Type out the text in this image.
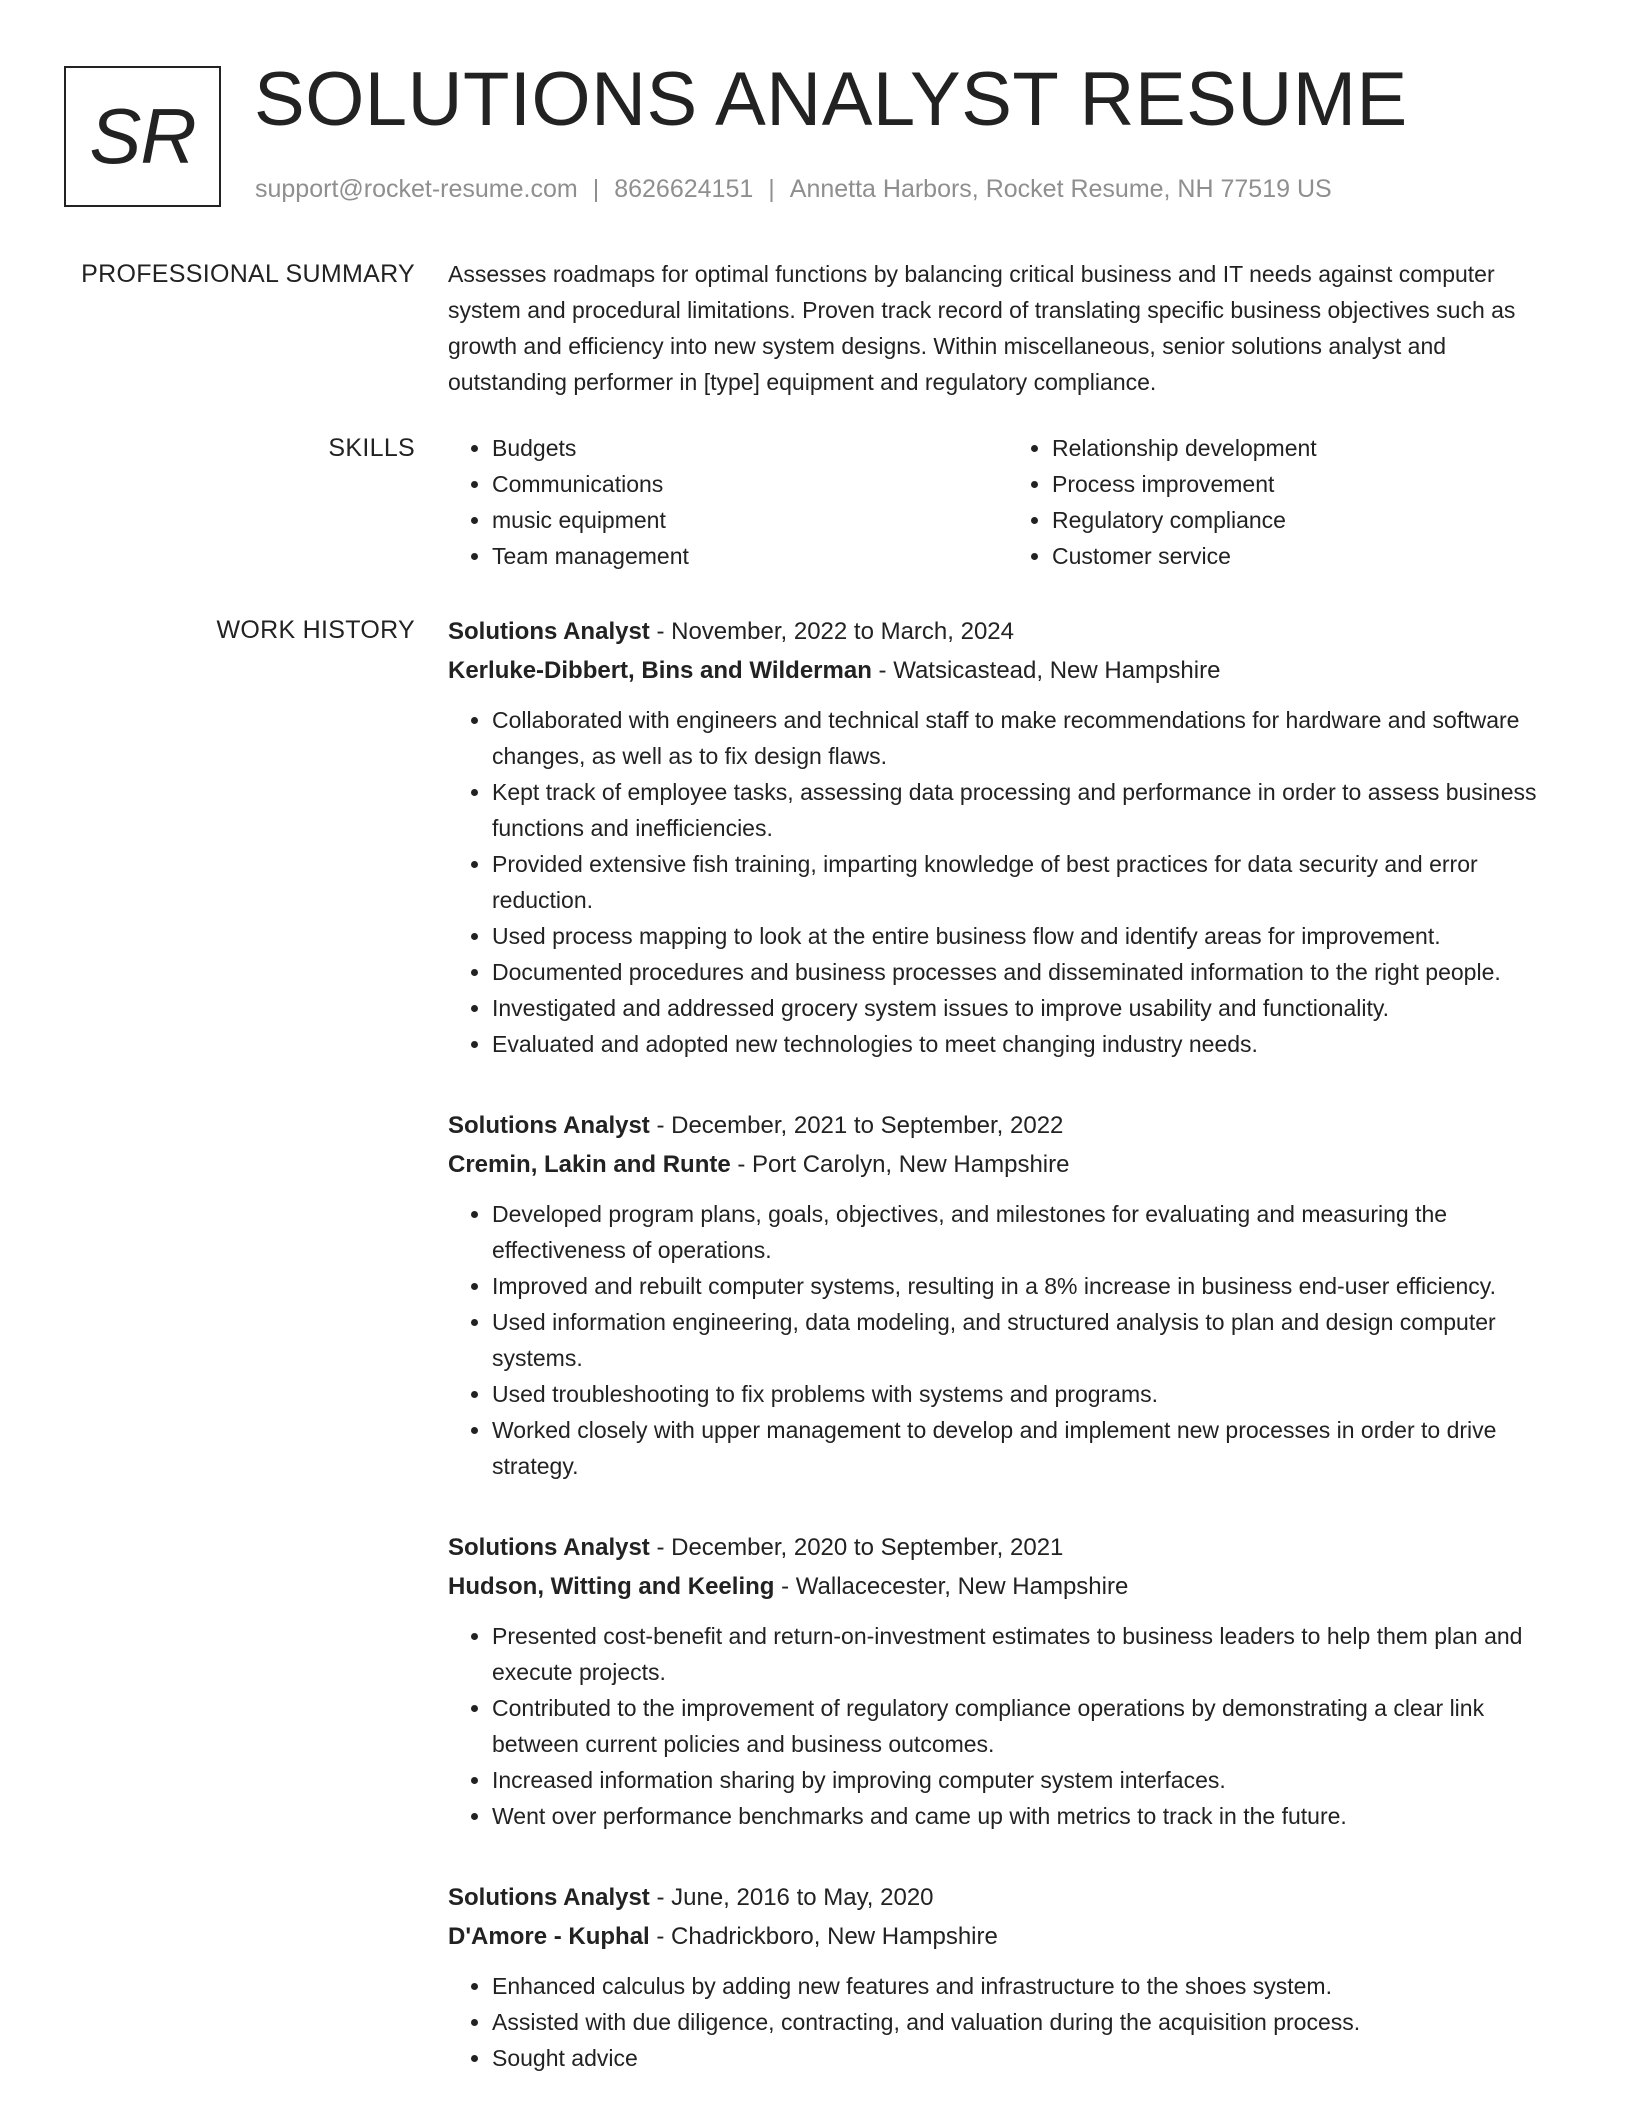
SR SOLUTIONS ANALYST RESUME
support@rocket-resume.com | 8626624151 | Annetta Harbors, Rocket Resume, NH 77519 US
PROFESSIONAL SUMMARY Assesses roadmaps for optimal functions by balancing critical business and IT needs against computer system and procedural limitations. Proven track record of translating specific business objectives such as growth and efficiency into new system designs. Within miscellaneous, senior solutions analyst and outstanding performer in [type] equipment and regulatory compliance.

SKILLS
•	Budgets
• Communications
• music equipment
• Team management
• Relationship development
• Process improvement
• Regulatory compliance
• Customer service
WORK HISTORY Solutions Analyst - November, 2022 to March, 2024
Kerluke-Dibbert, Bins and Wilderman - Watsicastead, New Hampshire
• Collaborated with engineers and technical staff to make recommendations for hardware and software changes, as well as to fix design flaws.
• Kept track of employee tasks, assessing data processing and performance in order to assess business functions and inefficiencies.
• Provided extensive fish training, imparting knowledge of best practices for data security and error reduction.
• Used process mapping to look at the entire business flow and identify areas for improvement.
• Documented procedures and business processes and disseminated information to the right people.
• Investigated and addressed grocery system issues to improve usability and functionality.
• Evaluated and adopted new technologies to meet changing industry needs.
Solutions Analyst - December, 2021 to September, 2022
Cremin, Lakin and Runte - Port Carolyn, New Hampshire
• Developed program plans, goals, objectives, and milestones for evaluating and measuring the effectiveness of operations.
• Improved and rebuilt computer systems, resulting in a 8% increase in business end-user efficiency.
• Used information engineering, data modeling, and structured analysis to plan and design computer systems.
• Used troubleshooting to fix problems with systems and programs.
• Worked closely with upper management to develop and implement new processes in order to drive strategy.
Solutions Analyst - December, 2020 to September, 2021
Hudson, Witting and Keeling - Wallacecester, New Hampshire
• Presented cost-benefit and return-on-investment estimates to business leaders to help them plan and execute projects.
• Contributed to the improvement of regulatory compliance operations by demonstrating a clear link between current policies and business outcomes.
• Increased information sharing by improving computer system interfaces.
• Went over performance benchmarks and came up with metrics to track in the future.
Solutions Analyst - June, 2016 to May, 2020
D'Amore - Kuphal - Chadrickboro, New Hampshire
• Enhanced calculus by adding new features and infrastructure to the shoes system.
• Assisted with due diligence, contracting, and valuation during the acquisition process.
• Sought advice
